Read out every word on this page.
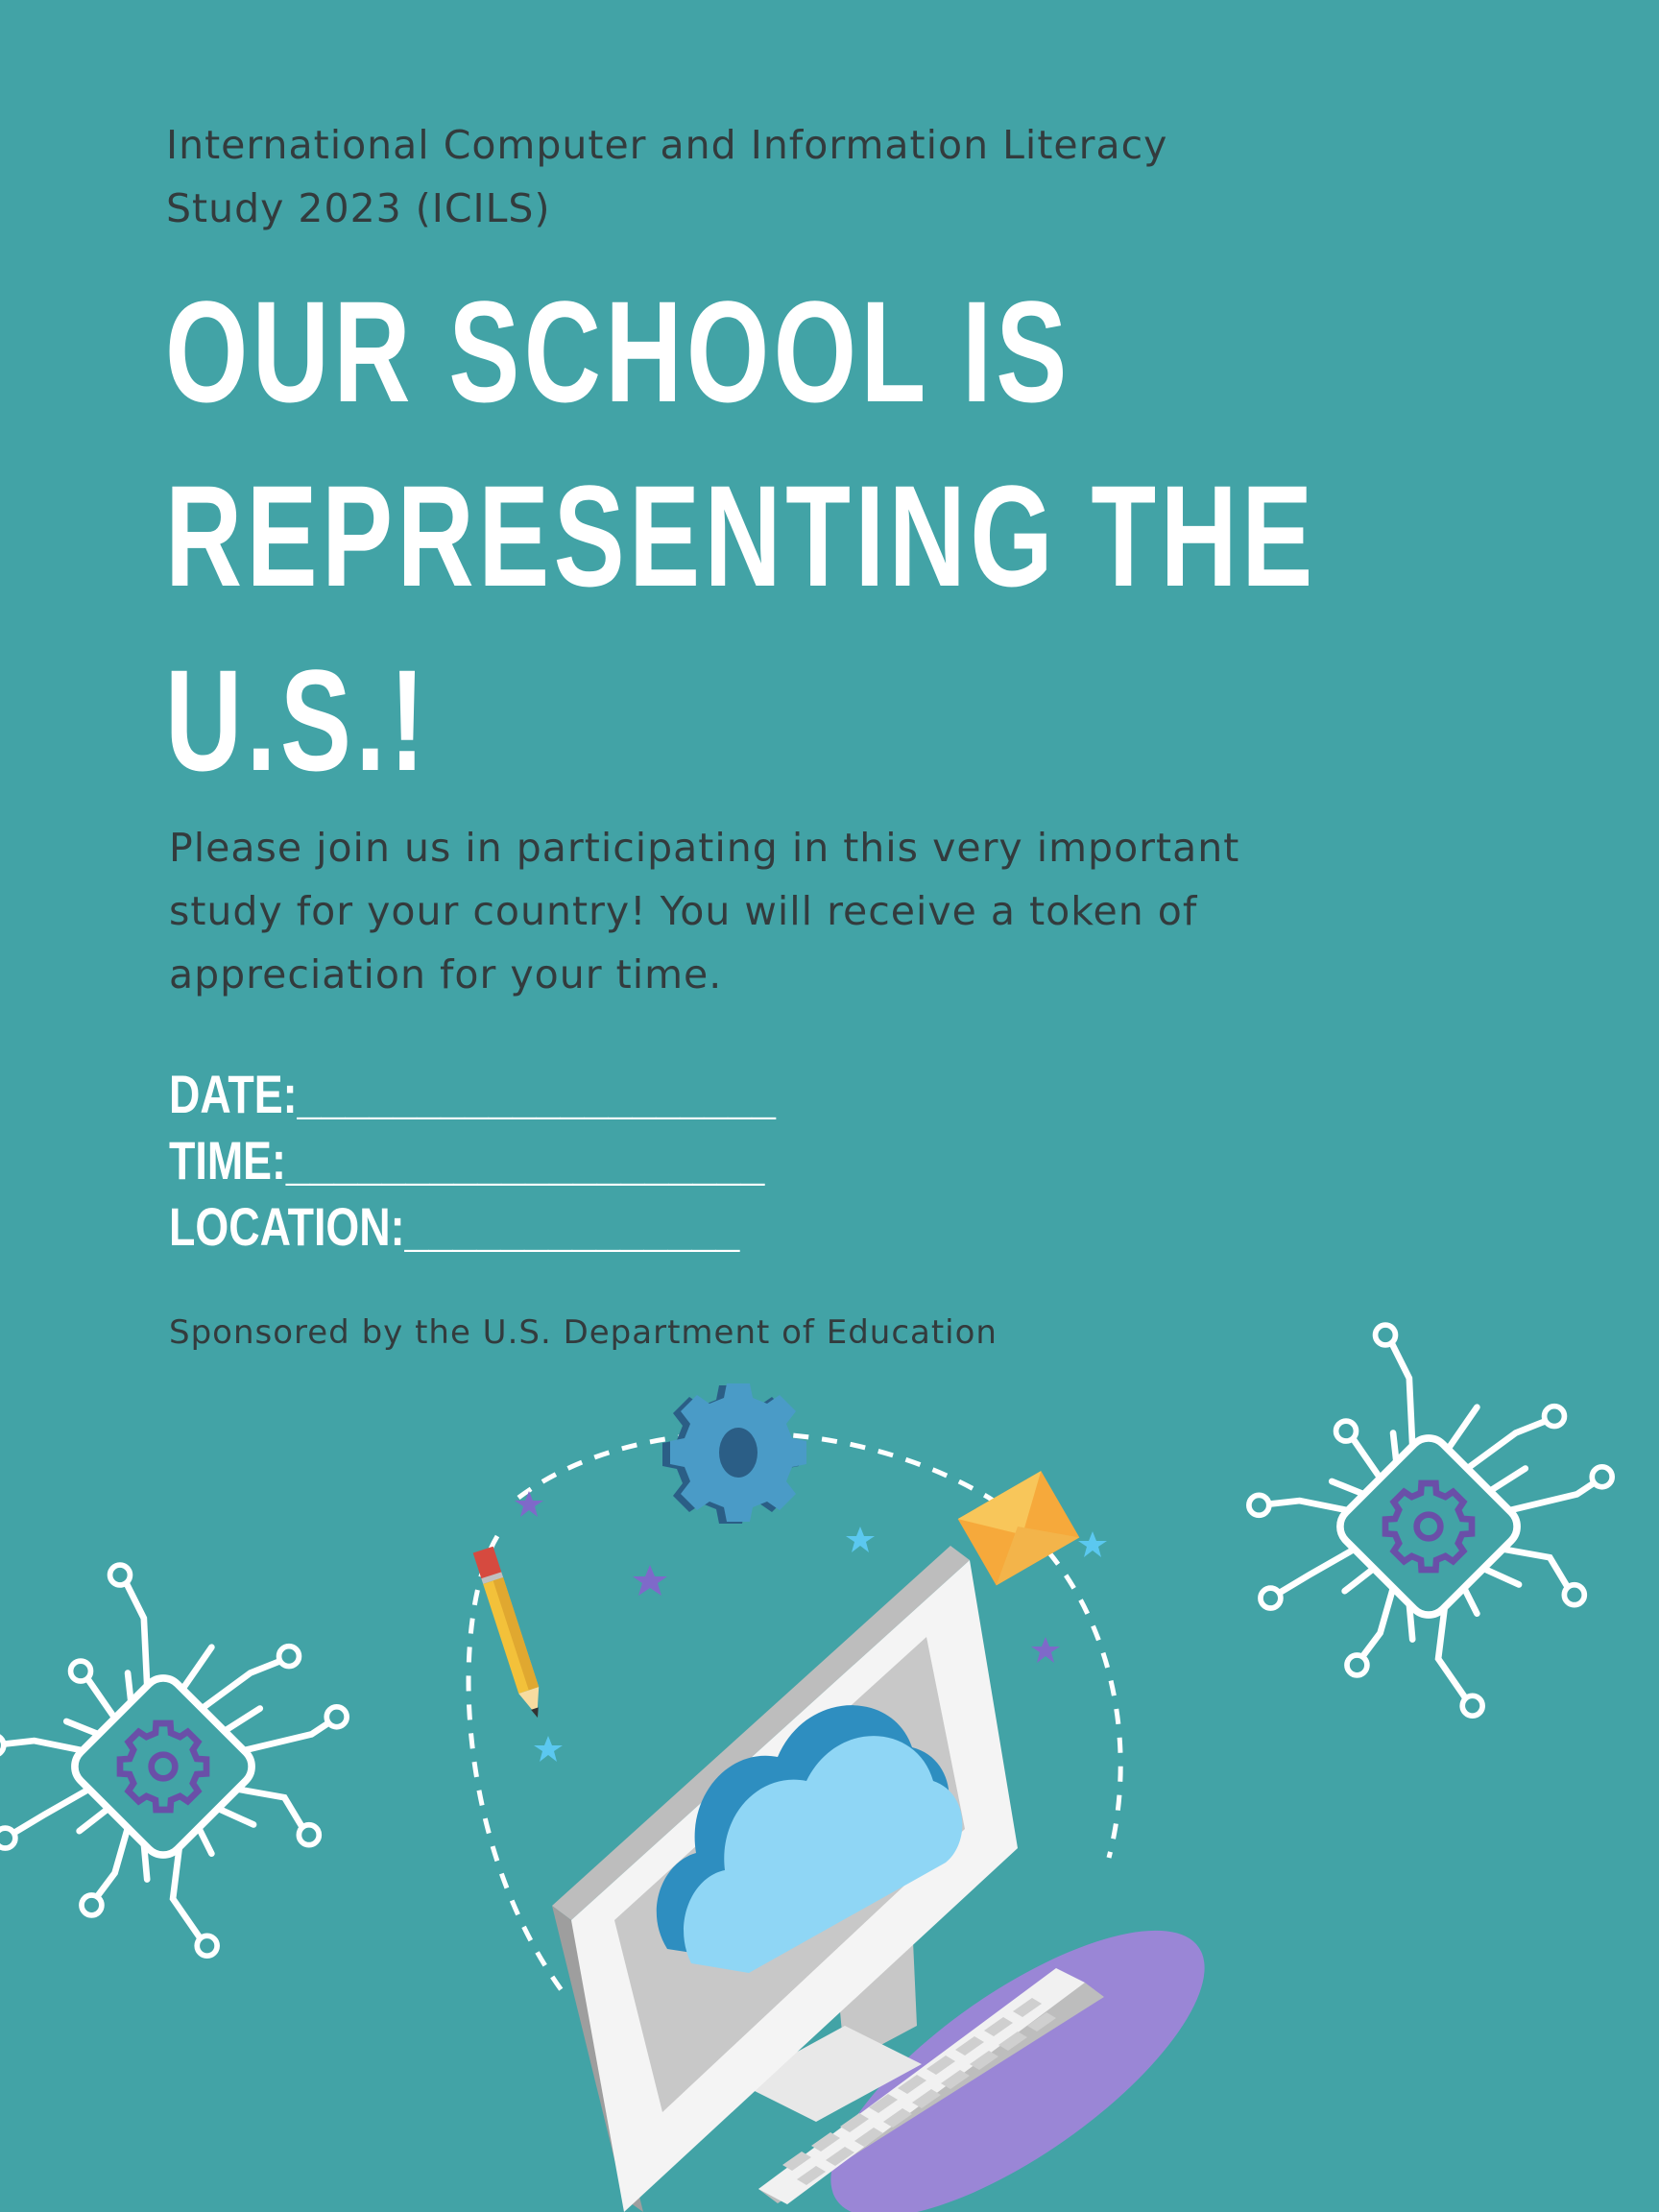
International Computer and Information Literacy
Study 2023 (ICILS)
OUR SCHOOL IS
REPRESENTING THE
U.S.!
Please join us in participating in this very important
study for your country! You will receive a token of
appreciation for your time.
DATE:____________________
TIME:____________________
LOCATION:______________

Sponsored by the U.S. Department of Education
